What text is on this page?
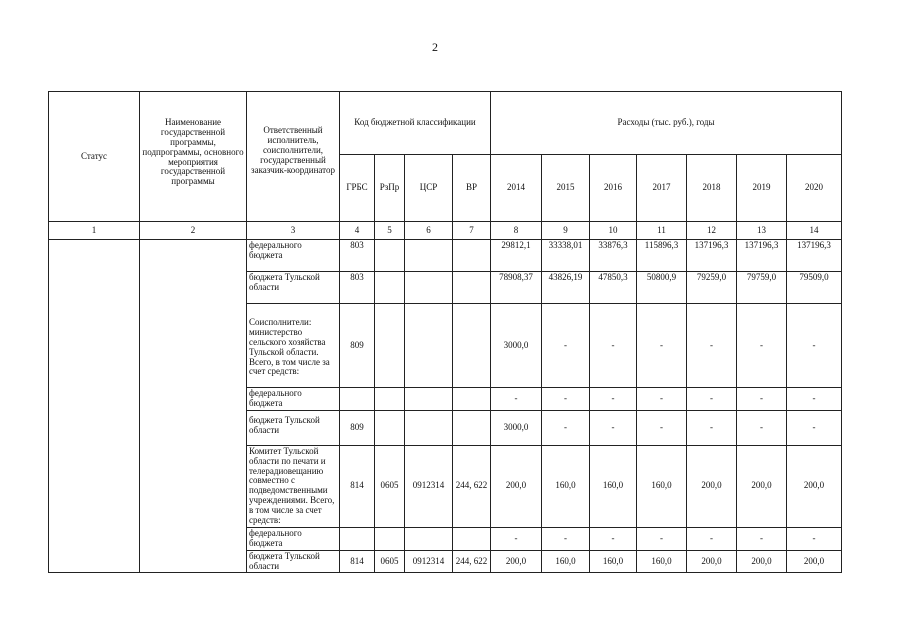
2
Статус	Наименование государственной программы, подпрограммы, основного мероприятия государственной программы	Ответственный исполнитель, соисполнители, государственный заказчик-координатор	Код бюджетной классификации				Расходы (тыс. руб.), годы						
			ГРБС	РзПр	ЦСР	ВР	2014	2015	2016	2017	2018	2019	2020
1	2	3	4	5	6	7	8	9	10	11	12	13	14
		федерального бюджета	803				29812,1	33338,01	33876,3	115896,3	137196,3	137196,3	137196,3
		бюджета Тульской области	803				78908,37	43826,19	47850,3	50800,9	79259,0	79759,0	79509,0
		Соисполнители: министерство сельского хозяйства Тульской области. Всего, в том числе за счет средств:	809				3000,0	-	-	-	-	-	-
		федерального бюджета					-	-	-	-	-	-	-
		бюджета Тульской области	809				3000,0	-	-	-	-	-	-
		Комитет Тульской области по печати и телерадиовещанию совместно с подведомственными учреждениями. Всего, в том числе за счет средств:	814	0605	0912314	244, 622	200,0	160,0	160,0	160,0	200,0	200,0	200,0
		федерального бюджета					-	-	-	-	-	-	-
		бюджета Тульской области	814	0605	0912314	244, 622	200,0	160,0	160,0	160,0	200,0	200,0	200,0
